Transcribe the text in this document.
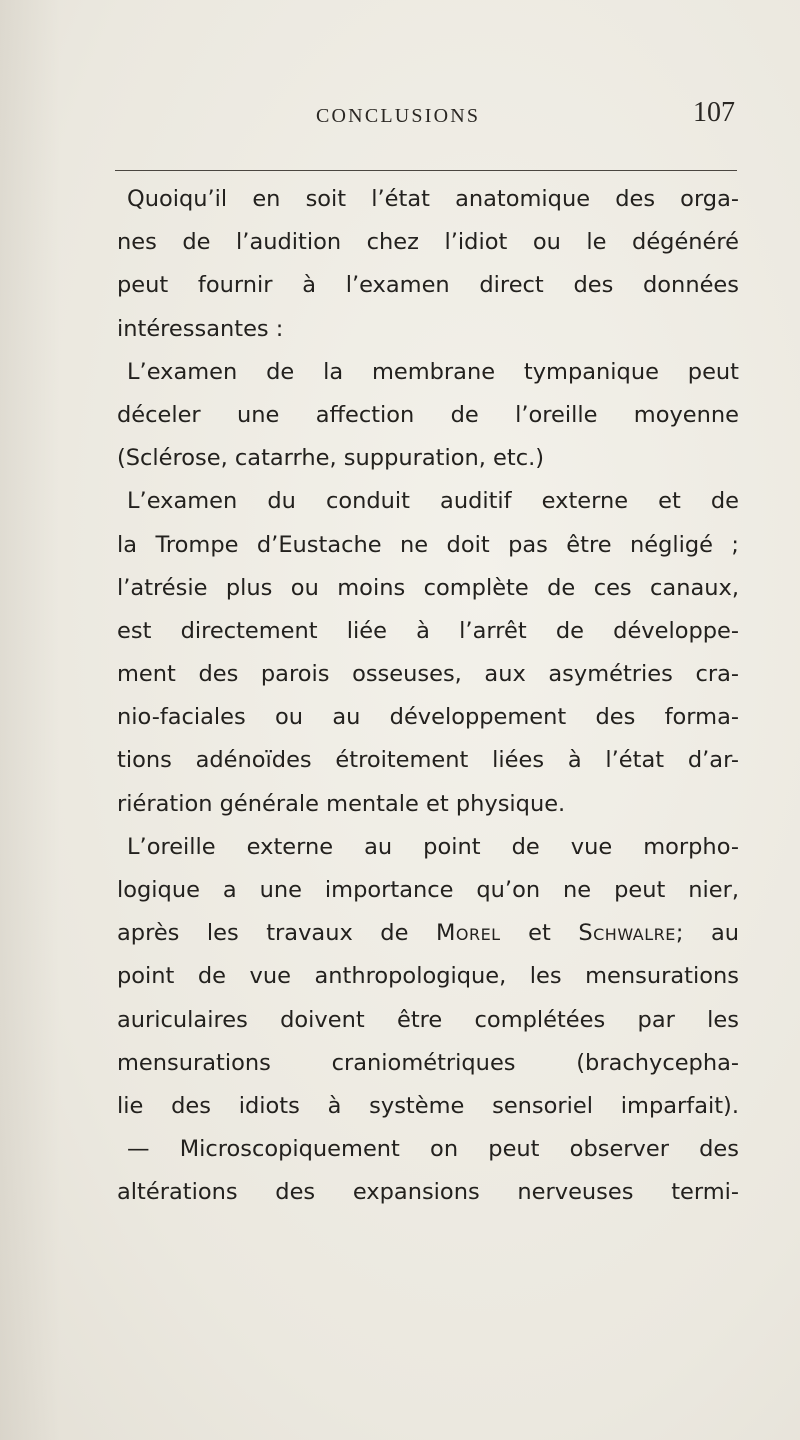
CONCLUSIONS	107
Quoiqu’il en soit l’état anatomique des orga-
nes de l’audition chez l’idiot ou le dégénéré
peut fournir à l’examen direct des données
intéressantes :
L’examen de la membrane tympanique peut
déceler une affection de l’oreille moyenne
(Sclérose, catarrhe, suppuration, etc.)
L’examen du conduit auditif externe et de
la Trompe d’Eustache ne doit pas être négligé ;
l’atrésie plus ou moins complète de ces canaux,
est directement liée à l’arrêt de développe-
ment des parois osseuses, aux asymétries cra-
nio-faciales ou au développement des forma-
tions adénoïdes étroitement liées à l’état d’ar-
riération générale mentale et physique.
L’oreille externe au point de vue morpho-
logique a une importance qu’on ne peut nier,
après les travaux de Morel et Schwalre; au
point de vue anthropologique, les mensurations
auriculaires doivent être complétées par les
mensurations craniométriques (brachycepha-
lie des idiots à système sensoriel imparfait).
— Microscopiquement on peut observer des
altérations des expansions nerveuses termi-
